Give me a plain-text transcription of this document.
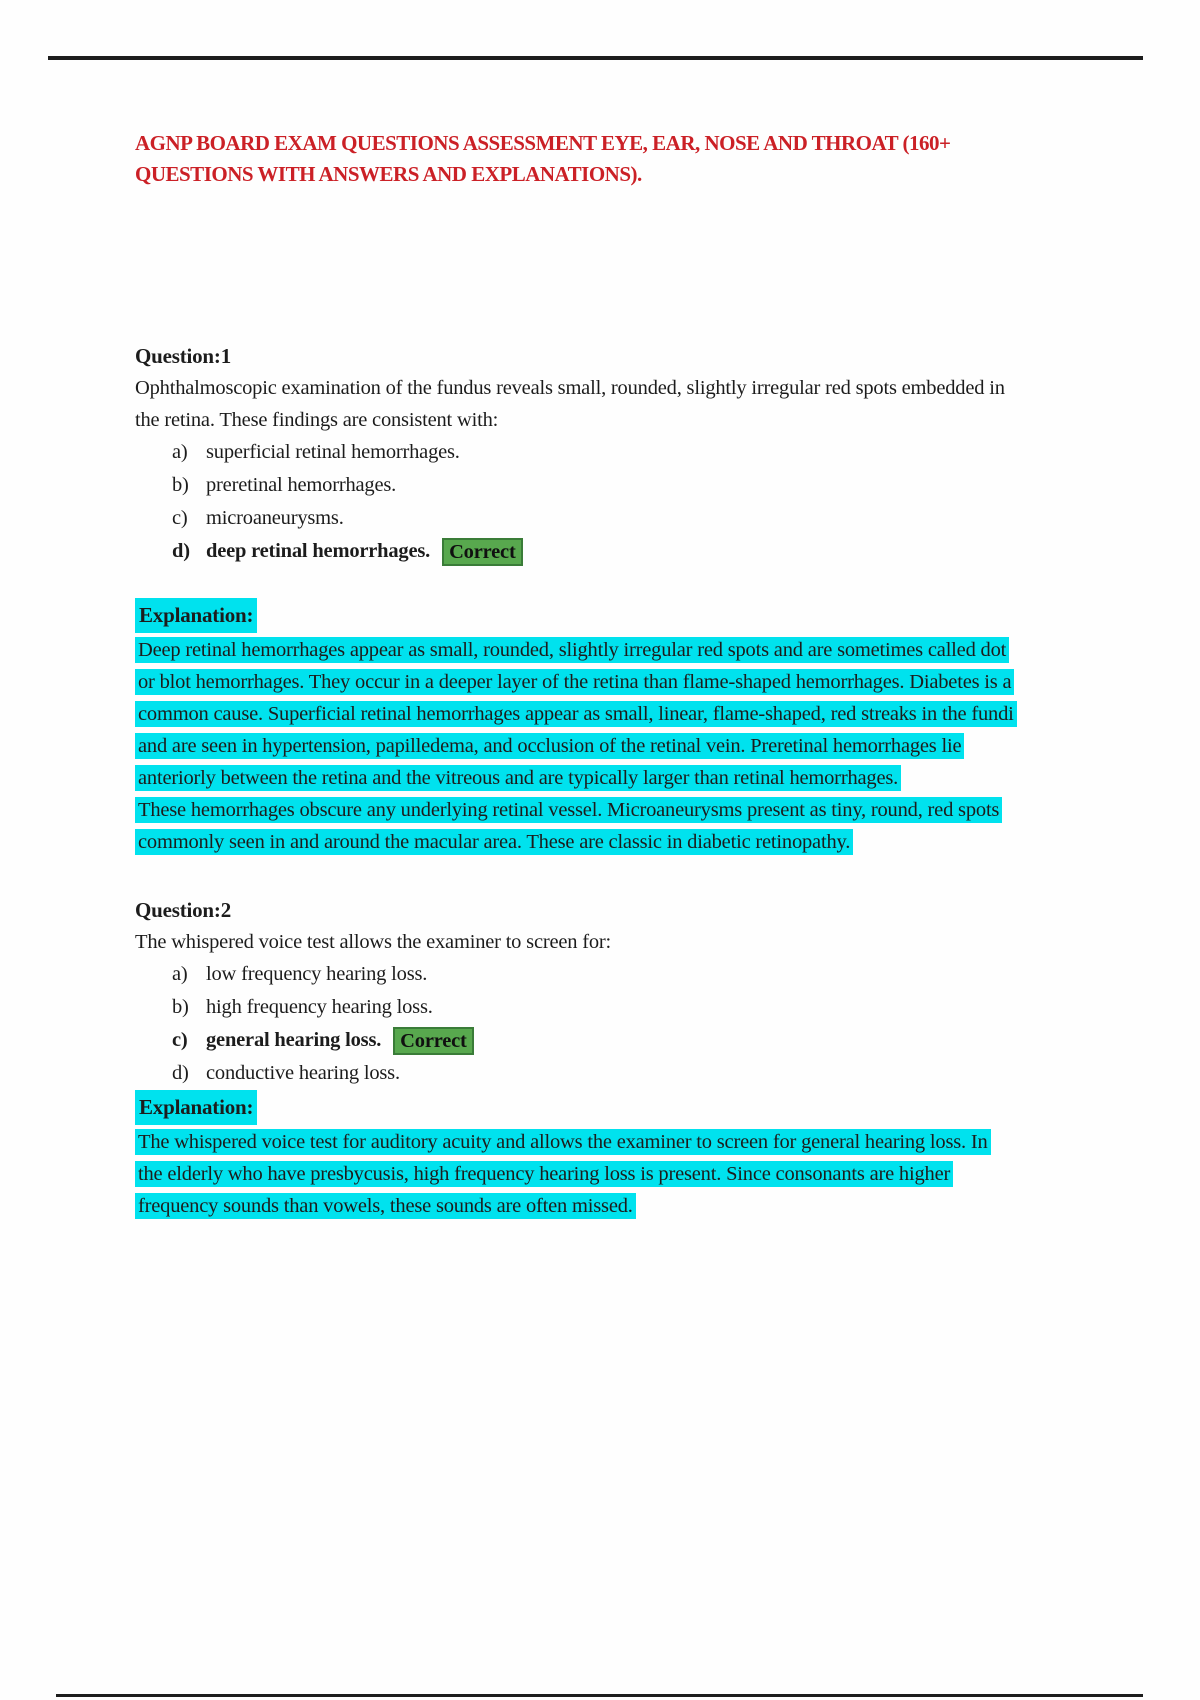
AGNP BOARD EXAM QUESTIONS ASSESSMENT EYE, EAR, NOSE AND THROAT (160+ QUESTIONS WITH ANSWERS AND EXPLANATIONS).

Question:1

Ophthalmoscopic examination of the fundus reveals small, rounded, slightly irregular red spots embedded in the retina. These findings are consistent with:

a) superficial retinal hemorrhages.
b) preretinal hemorrhages.
c) microaneurysms.
d) deep retinal hemorrhages. Correct
Explanation:

Deep retinal hemorrhages appear as small, rounded, slightly irregular red spots and are sometimes called dot or blot hemorrhages. They occur in a deeper layer of the retina than flame-shaped hemorrhages. Diabetes is a common cause. Superficial retinal hemorrhages appear as small, linear, flame-shaped, red streaks in the fundi and are seen in hypertension, papilledema, and occlusion of the retinal vein. Preretinal hemorrhages lie anteriorly between the retina and the vitreous and are typically larger than retinal hemorrhages.

These hemorrhages obscure any underlying retinal vessel. Microaneurysms present as tiny, round, red spots commonly seen in and around the macular area. These are classic in diabetic retinopathy.

Question:2

The whispered voice test allows the examiner to screen for:

a) low frequency hearing loss.
b) high frequency hearing loss.
c) general hearing loss. Correct
d) conductive hearing loss.
Explanation:

The whispered voice test for auditory acuity and allows the examiner to screen for general hearing loss. In the elderly who have presbycusis, high frequency hearing loss is present. Since consonants are higher frequency sounds than vowels, these sounds are often missed.
